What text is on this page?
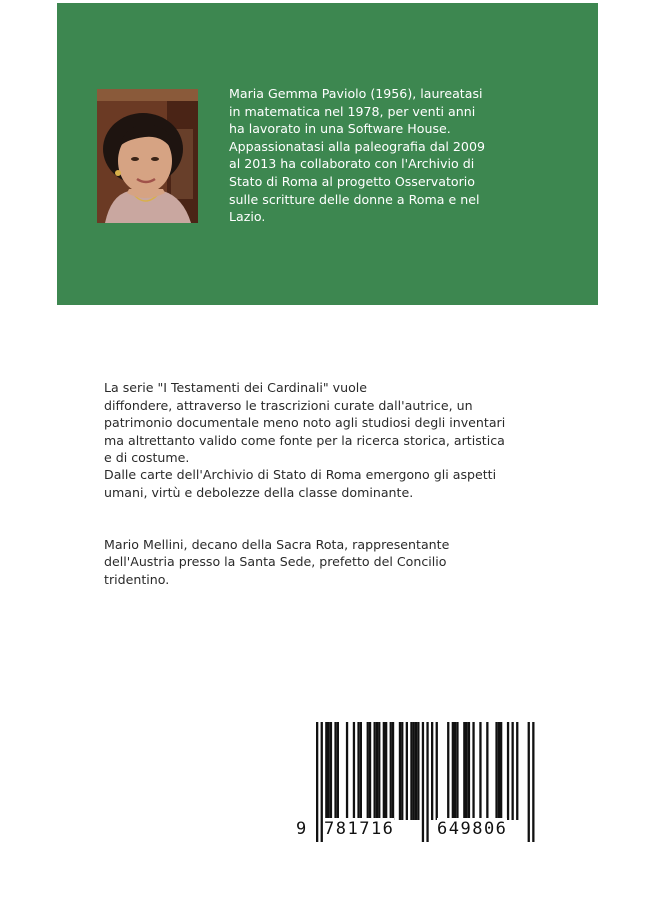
Maria Gemma Paviolo (1956), laureatasi
in matematica nel 1978, per venti anni
ha lavorato in una Software House.
Appassionatasi alla paleografia dal 2009
al 2013 ha collaborato con l'Archivio di
Stato di Roma al progetto Osservatorio
sulle scritture delle donne a Roma e nel
Lazio.

La serie "I Testamenti dei Cardinali" vuole
diffondere, attraverso le trascrizioni curate dall'autrice, un
patrimonio documentale meno noto agli studiosi degli inventari
ma altrettanto valido come fonte per la ricerca storica, artistica
e di costume.
Dalle carte dell'Archivio di Stato di Roma emergono gli aspetti
umani, virtù e debolezze della classe dominante.

Mario Mellini, decano della Sacra Rota, rappresentante
dell'Austria presso la Santa Sede, prefetto del Concilio
tridentino.

9 781716	649806
